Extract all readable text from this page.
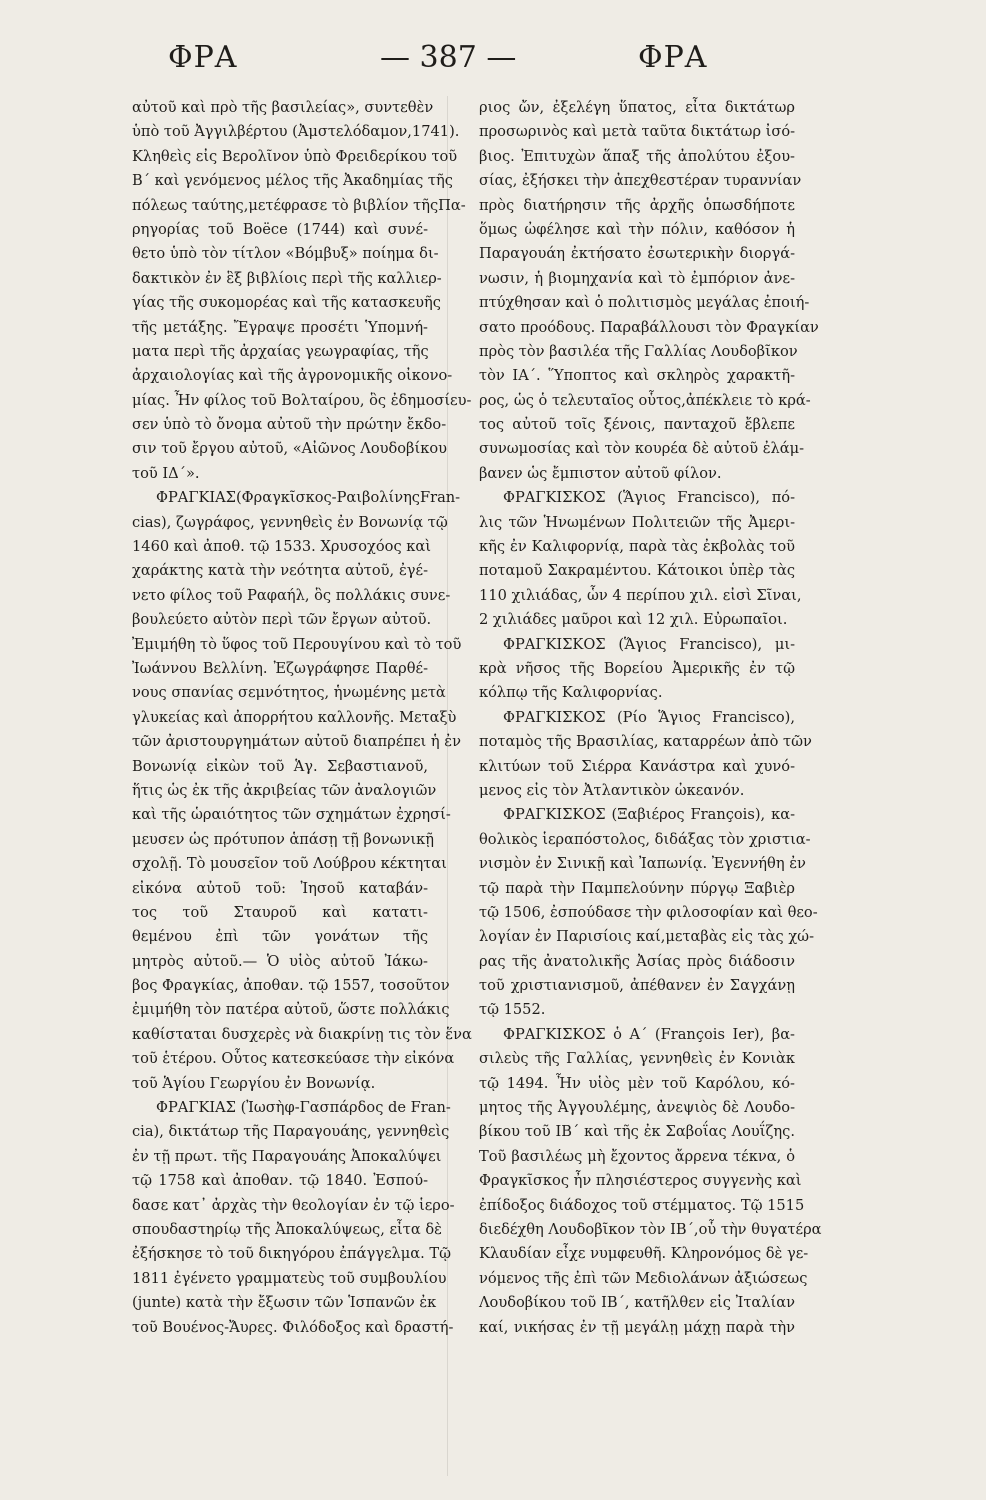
ΦΡΑ	— 387 —	ΦΡΑ
αὐτοῦ καὶ πρὸ τῆς βασιλείας», συντεθὲν
ὑπὸ τοῦ Ἀγγιλβέρτου (Ἀμστελόδαμον,1741).
Κληθεὶς εἰς Βερολῖνον ὑπὸ Φρειδερίκου τοῦ
Β΄ καὶ γενόμενος μέλος τῆς Ἀκαδημίας τῆς
πόλεως ταύτης,μετέφρασε τὸ βιβλίον τῆςΠα-
ρηγορίας τοῦ Boëce (1744) καὶ συνέ-
θετο ὑπὸ τὸν τίτλον «Βόμβυξ» ποίημα δι-
δακτικὸν ἐν ἓξ βιβλίοις περὶ τῆς καλλιερ-
γίας τῆς συκομορέας καὶ τῆς κατασκευῆς
τῆς μετάξης. Ἔγραψε προσέτι Ὑπομνή-
ματα περὶ τῆς ἀρχαίας γεωγραφίας, τῆς
ἀρχαιολογίας καὶ τῆς ἀγρονομικῆς οἰκονο-
μίας. Ἦν φίλος τοῦ Βολταίρου, ὃς ἐδημοσίευ-
σεν ὑπὸ τὸ ὄνομα αὐτοῦ τὴν πρώτην ἔκδο-
σιν τοῦ ἔργου αὐτοῦ, «Αἰῶνος Λουδοβίκου
τοῦ ΙΔ΄».
ΦΡΑΓΚΙΑΣ(Φραγκῖσκος-ΡαιβολίνηςFran-
cias), ζωγράφος, γεννηθεὶς ἐν Βονωνίᾳ τῷ
1460 καὶ ἀποθ. τῷ 1533. Χρυσοχόος καὶ
χαράκτης κατὰ τὴν νεότητα αὐτοῦ, ἐγέ-
νετο φίλος τοῦ Ραφαήλ, ὃς πολλάκις συνε-
βουλεύετο αὐτὸν περὶ τῶν ἔργων αὐτοῦ.
Ἐμιμήθη τὸ ὕφος τοῦ Περουγίνου καὶ τὸ τοῦ
Ἰωάννου Βελλίνη. Ἐζωγράφησε Παρθέ-
νους σπανίας σεμνότητος, ἡνωμένης μετὰ
γλυκείας καὶ ἀπορρήτου καλλονῆς. Μεταξὺ
τῶν ἀριστουργημάτων αὐτοῦ διαπρέπει ἡ ἐν
Βονωνίᾳ εἰκὼν τοῦ Ἁγ. Σεβαστιανοῦ,
ἥτις ὡς ἐκ τῆς ἀκριβείας τῶν ἀναλογιῶν
καὶ τῆς ὡραιότητος τῶν σχημάτων ἐχρησί-
μευσεν ὡς πρότυπον ἁπάσῃ τῇ βονωνικῇ
σχολῇ. Τὸ μουσεῖον τοῦ Λούβρου κέκτηται
εἰκόνα αὐτοῦ τοῦ: Ἰησοῦ καταβάν-
τος τοῦ Σταυροῦ καὶ κατατι-
θεμένου ἐπὶ τῶν γονάτων τῆς
μητρὸς αὐτοῦ.— Ὁ υἱὸς αὐτοῦ Ἰάκω-
βος Φραγκίας, ἀποθαν. τῷ 1557, τοσοῦτον
ἐμιμήθη τὸν πατέρα αὐτοῦ, ὥστε πολλάκις
καθίσταται δυσχερὲς νὰ διακρίνῃ τις τὸν ἕνα
τοῦ ἑτέρου. Οὗτος κατεσκεύασε τὴν εἰκόνα
τοῦ Ἁγίου Γεωργίου ἐν Βονωνίᾳ.
ΦΡΑΓΚΙΑΣ (Ἰωσὴφ-Γασπάρδος de Fran-
cia), δικτάτωρ τῆς Παραγουάης, γεννηθεὶς
ἐν τῇ πρωτ. τῆς Παραγουάης Ἀποκαλύψει
τῷ 1758 καὶ ἀποθαν. τῷ 1840. Ἐσπού-
δασε κατ᾽ ἀρχὰς τὴν θεολογίαν ἐν τῷ ἱερο-
σπουδαστηρίῳ τῆς Ἀποκαλύψεως, εἶτα δὲ
ἐξήσκησε τὸ τοῦ δικηγόρου ἐπάγγελμα. Τῷ
1811 ἐγένετο γραμματεὺς τοῦ συμβουλίου
(junte) κατὰ τὴν ἔξωσιν τῶν Ἱσπανῶν ἐκ
τοῦ Βουένος-Ἄυρες. Φιλόδοξος καὶ δραστή-
ριος ὤν, ἐξελέγη ὕπατος, εἶτα δικτάτωρ
προσωρινὸς καὶ μετὰ ταῦτα δικτάτωρ ἰσό-
βιος. Ἐπιτυχὼν ἅπαξ τῆς ἀπολύτου ἐξου-
σίας, ἐξήσκει τὴν ἀπεχθεστέραν τυραννίαν
πρὸς διατήρησιν τῆς ἀρχῆς ὁπωσδήποτε
ὅμως ὠφέλησε καὶ τὴν πόλιν, καθόσον ἡ
Παραγουάη ἐκτήσατο ἐσωτερικὴν διοργά-
νωσιν, ἡ βιομηχανία καὶ τὸ ἐμπόριον ἀνε-
πτύχθησαν καὶ ὁ πολιτισμὸς μεγάλας ἐποιή-
σατο προόδους. Παραβάλλουσι τὸν Φραγκίαν
πρὸς τὸν βασιλέα τῆς Γαλλίας Λουδοβῖκον
τὸν ΙΑ΄. Ὕποπτος καὶ σκληρὸς χαρακτῆ-
ρος, ὡς ὁ τελευταῖος οὗτος,ἀπέκλειε τὸ κρά-
τος αὐτοῦ τοῖς ξένοις, πανταχοῦ ἔβλεπε
συνωμοσίας καὶ τὸν κουρέα δὲ αὐτοῦ ἐλάμ-
βανεν ὡς ἔμπιστον αὐτοῦ φίλον.
ΦΡΑΓΚΙΣΚΟΣ (Ἅγιος Francisco), πό-
λις τῶν Ἡνωμένων Πολιτειῶν τῆς Ἀμερι-
κῆς ἐν Καλιφορνίᾳ, παρὰ τὰς ἐκβολὰς τοῦ
ποταμοῦ Σακραμέντου. Κάτοικοι ὑπὲρ τὰς
110 χιλιάδας, ὧν 4 περίπου χιλ. εἰσὶ Σῖναι,
2 χιλιάδες μαῦροι καὶ 12 χιλ. Εὐρωπαῖοι.
ΦΡΑΓΚΙΣΚΟΣ (Ἅγιος Francisco), μι-
κρὰ νῆσος τῆς Βορείου Ἀμερικῆς ἐν τῷ
κόλπῳ τῆς Καλιφορνίας.
ΦΡΑΓΚΙΣΚΟΣ (Ρίο Ἅγιος Francisco),
ποταμὸς τῆς Βρασιλίας, καταρρέων ἀπὸ τῶν
κλιτύων τοῦ Σιέρρα Κανάστρα καὶ χυνό-
μενος εἰς τὸν Ἀτλαντικὸν ὠκεανόν.
ΦΡΑΓΚΙΣΚΟΣ (Ξαβιέρος François), κα-
θολικὸς ἱεραπόστολος, διδάξας τὸν χριστια-
νισμὸν ἐν Σινικῇ καὶ Ἰαπωνίᾳ. Ἐγεννήθη ἐν
τῷ παρὰ τὴν Παμπελούνην πύργῳ Ξαβιὲρ
τῷ 1506, ἐσπούδασε τὴν φιλοσοφίαν καὶ θεο-
λογίαν ἐν Παρισίοις καί,μεταβὰς εἰς τὰς χώ-
ρας τῆς ἀνατολικῆς Ἀσίας πρὸς διάδοσιν
τοῦ χριστιανισμοῦ, ἀπέθανεν ἐν Σαγχάνῃ
τῷ 1552.
ΦΡΑΓΚΙΣΚΟΣ ὁ Α΄ (François Ier), βα-
σιλεὺς τῆς Γαλλίας, γεννηθεὶς ἐν Κονιὰκ
τῷ 1494. Ἦν υἱὸς μὲν τοῦ Καρόλου, κό-
μητος τῆς Ἀγγουλέμης, ἀνεψιὸς δὲ Λουδο-
βίκου τοῦ ΙΒ΄ καὶ τῆς ἐκ Σαβοΐας Λουΐζης.
Τοῦ βασιλέως μὴ ἔχοντος ἄρρενα τέκνα, ὁ
Φραγκῖσκος ἦν πλησιέστερος συγγενὴς καὶ
ἐπίδοξος διάδοχος τοῦ στέμματος. Τῷ 1515
διεδέχθη Λουδοβῖκον τὸν ΙΒ΄,οὗ τὴν θυγατέρα
Κλαυδίαν εἶχε νυμφευθῆ. Κληρονόμος δὲ γε-
νόμενος τῆς ἐπὶ τῶν Μεδιολάνων ἀξιώσεως
Λουδοβίκου τοῦ ΙΒ΄, κατῆλθεν εἰς Ἰταλίαν
καί, νικήσας ἐν τῇ μεγάλῃ μάχῃ παρὰ τὴν
